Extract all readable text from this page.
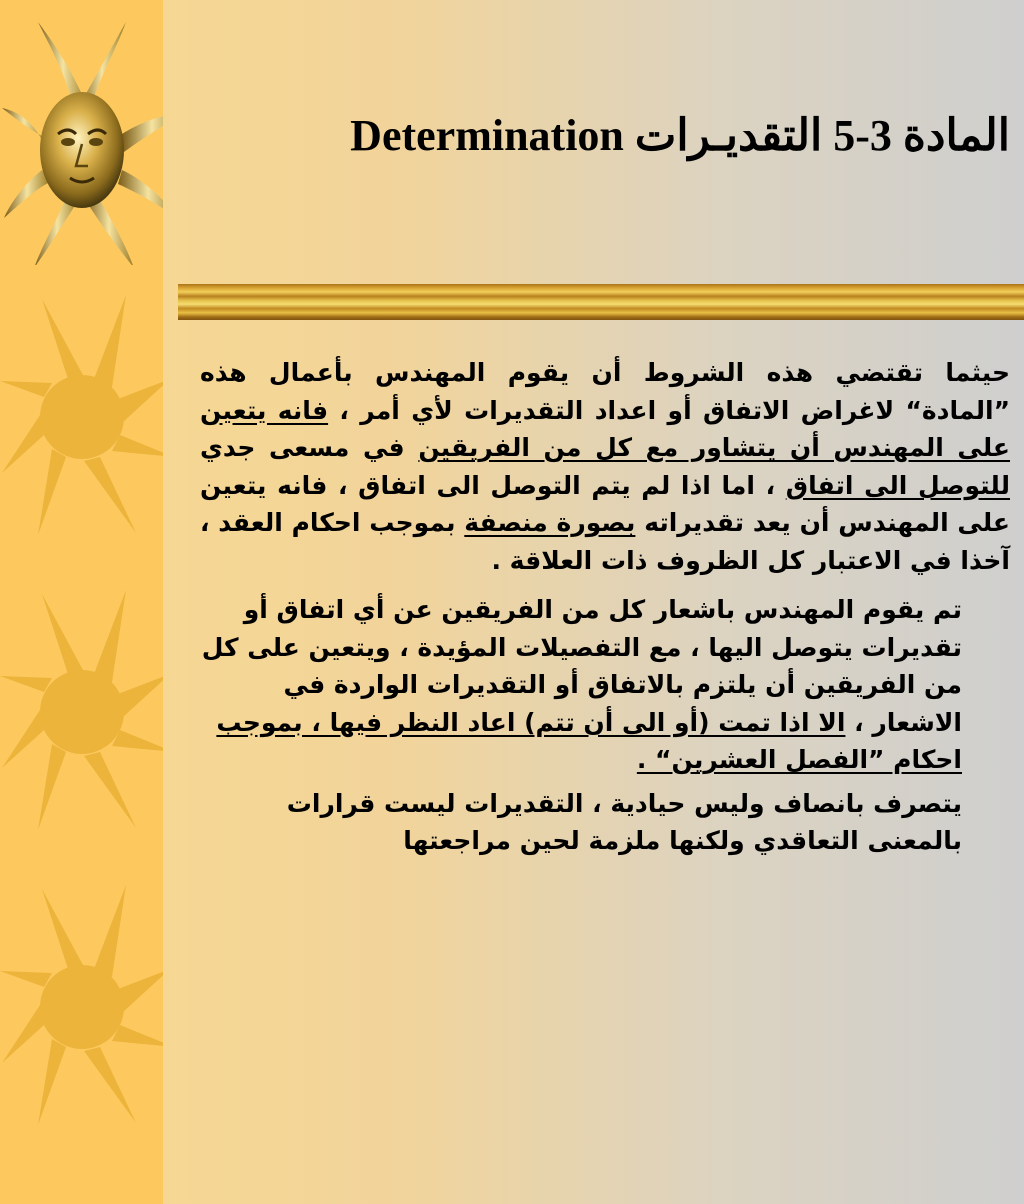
المادة 3-5 التقديـرات Determination

حيثما تقتضي هذه الشروط أن يقوم المهندس بأعمال هذه ”المادة“ لاغراض الاتفاق أو اعداد التقديرات لأي أمر ، فانه يتعين على المهندس أن يتشاور مع كل من الفريقين في مسعى جدي للتوصل الى اتفاق ، اما اذا لم يتم التوصل الى اتفاق ، فانه يتعين على المهندس أن يعد تقديراته بصورة منصفة بموجب احكام العقد ، آخذا في الاعتبار كل الظروف ذات العلاقة .

تم يقوم المهندس باشعار كل من الفريقين عن أي اتفاق أو تقديرات يتوصل اليها ، مع التفصيلات المؤيدة ، ويتعين على كل من الفريقين أن يلتزم بالاتفاق أو التقديرات الواردة في الاشعار ، الا اذا تمت (أو الى أن تتم) اعاد النظر فيها ، بموجب احكام ”الفصل العشرين“ .

يتصرف بانصاف وليس حيادية ، التقديرات ليست قرارات بالمعنى التعاقدي ولكنها ملزمة لحين مراجعتها
